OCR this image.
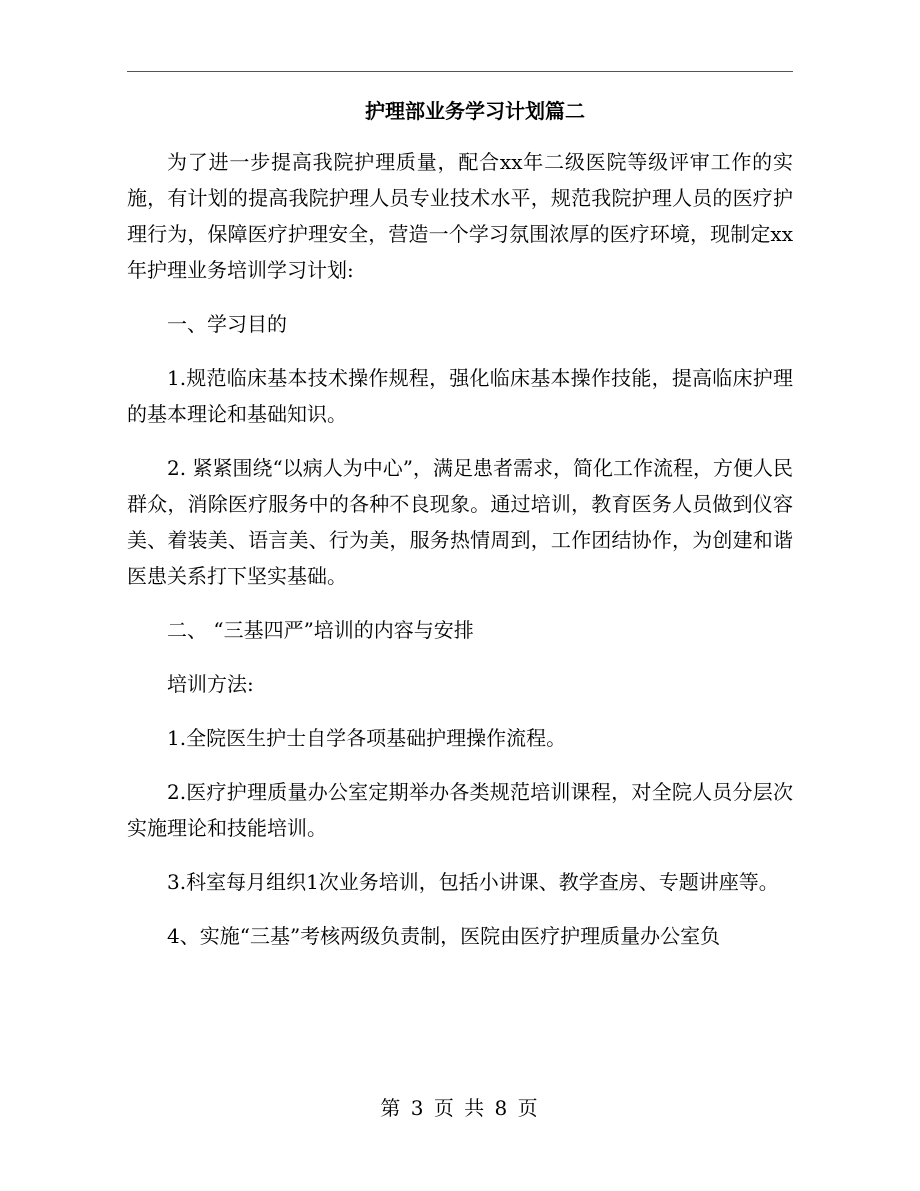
护理部业务学习计划篇二

为了进一步提高我院护理质量，配合xx年二级医院等级评审工作的实施，有计划的提高我院护理人员专业技术水平，规范我院护理人员的医疗护理行为，保障医疗护理安全，营造一个学习氛围浓厚的医疗环境，现制定xx年护理业务培训学习计划:

一、学习目的

1.规范临床基本技术操作规程，强化临床基本操作技能，提高临床护理的基本理论和基础知识。

2. 紧紧围绕“以病人为中心”，满足患者需求，简化工作流程，方便人民群众，消除医疗服务中的各种不良现象。通过培训，教育医务人员做到仪容美、着装美、语言美、行为美，服务热情周到，工作团结协作，为创建和谐医患关系打下坚实基础。

二、 “三基四严”培训的内容与安排

培训方法:

1.全院医生护士自学各项基础护理操作流程。

2.医疗护理质量办公室定期举办各类规范培训课程，对全院人员分层次实施理论和技能培训。

3.科室每月组织1次业务培训，包括小讲课、教学查房、专题讲座等。

4、实施“三基”考核两级负责制，医院由医疗护理质量办公室负

第 3 页 共 8 页
